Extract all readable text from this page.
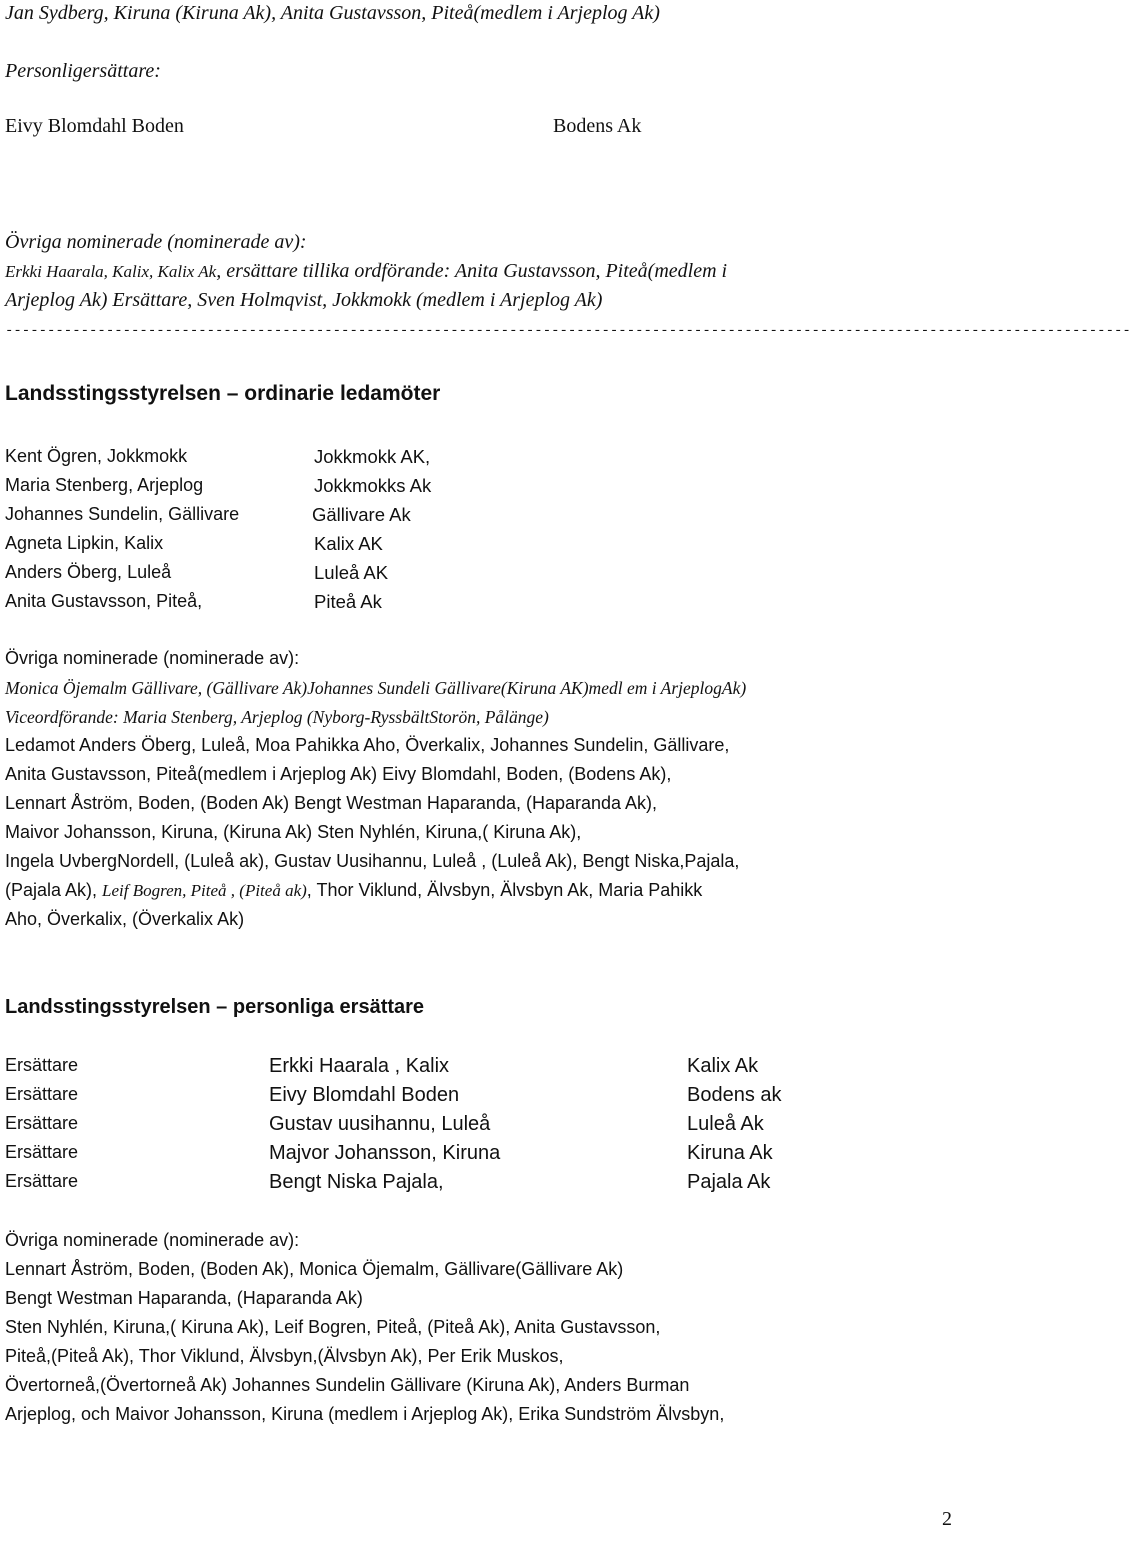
Jan Sydberg, Kiruna (Kiruna Ak), Anita Gustavsson, Piteå(medlem i Arjeplog Ak)
Personligersättare:
Eivy Blomdahl Boden	Bodens Ak
Övriga nominerade (nominerade av):
Erkki Haarala, Kalix, Kalix Ak, ersättare tillika ordförande: Anita Gustavsson, Piteå(medlem i
Arjeplog Ak) Ersättare, Sven Holmqvist, Jokkmokk (medlem i Arjeplog Ak)
--------------------------------------------------------------------------------------------------------------------------------------
Landsstingsstyrelsen – ordinarie ledamöter
Kent Ögren, Jokkmokk	Jokkmokk AK,
Maria Stenberg, Arjeplog	Jokkmokks Ak
Johannes Sundelin, Gällivare	Gällivare Ak
Agneta Lipkin, Kalix	Kalix AK
Anders Öberg, Luleå	Luleå AK
Anita Gustavsson, Piteå,	Piteå Ak
Övriga nominerade (nominerade av):
Monica Öjemalm Gällivare, (Gällivare Ak)Johannes Sundeli Gällivare(Kiruna AK)medl em i ArjeplogAk)
Viceordförande: Maria Stenberg, Arjeplog (Nyborg-RyssbältStorön, Pålänge)
Ledamot Anders Öberg, Luleå, Moa Pahikka Aho, Överkalix, Johannes Sundelin, Gällivare,
Anita Gustavsson, Piteå(medlem i Arjeplog Ak) Eivy Blomdahl, Boden, (Bodens Ak),
Lennart Åström, Boden, (Boden Ak) Bengt Westman Haparanda, (Haparanda Ak),
Maivor Johansson, Kiruna, (Kiruna Ak) Sten Nyhlén, Kiruna,( Kiruna Ak),
Ingela UvbergNordell, (Luleå ak), Gustav Uusihannu, Luleå , (Luleå Ak), Bengt Niska,Pajala,
(Pajala Ak), Leif Bogren, Piteå , (Piteå ak), Thor Viklund, Älvsbyn, Älvsbyn Ak, Maria Pahikk
Aho, Överkalix, (Överkalix Ak)
Landsstingsstyrelsen – personliga ersättare
Ersättare	Erkki Haarala , Kalix	Kalix Ak
Ersättare	Eivy Blomdahl Boden	Bodens ak
Ersättare	Gustav uusihannu, Luleå	Luleå Ak
Ersättare	Majvor Johansson, Kiruna	Kiruna Ak
Ersättare	Bengt Niska Pajala,	Pajala Ak
Övriga nominerade (nominerade av):
Lennart Åström, Boden, (Boden Ak), Monica Öjemalm, Gällivare(Gällivare Ak)
Bengt Westman Haparanda, (Haparanda Ak)
Sten Nyhlén, Kiruna,( Kiruna Ak), Leif Bogren, Piteå, (Piteå Ak), Anita Gustavsson,
Piteå,(Piteå Ak), Thor Viklund, Älvsbyn,(Älvsbyn Ak), Per Erik Muskos,
Övertorneå,(Övertorneå Ak) Johannes Sundelin Gällivare (Kiruna Ak), Anders Burman
Arjeplog, och Maivor Johansson, Kiruna (medlem i Arjeplog Ak), Erika Sundström Älvsbyn,
2
